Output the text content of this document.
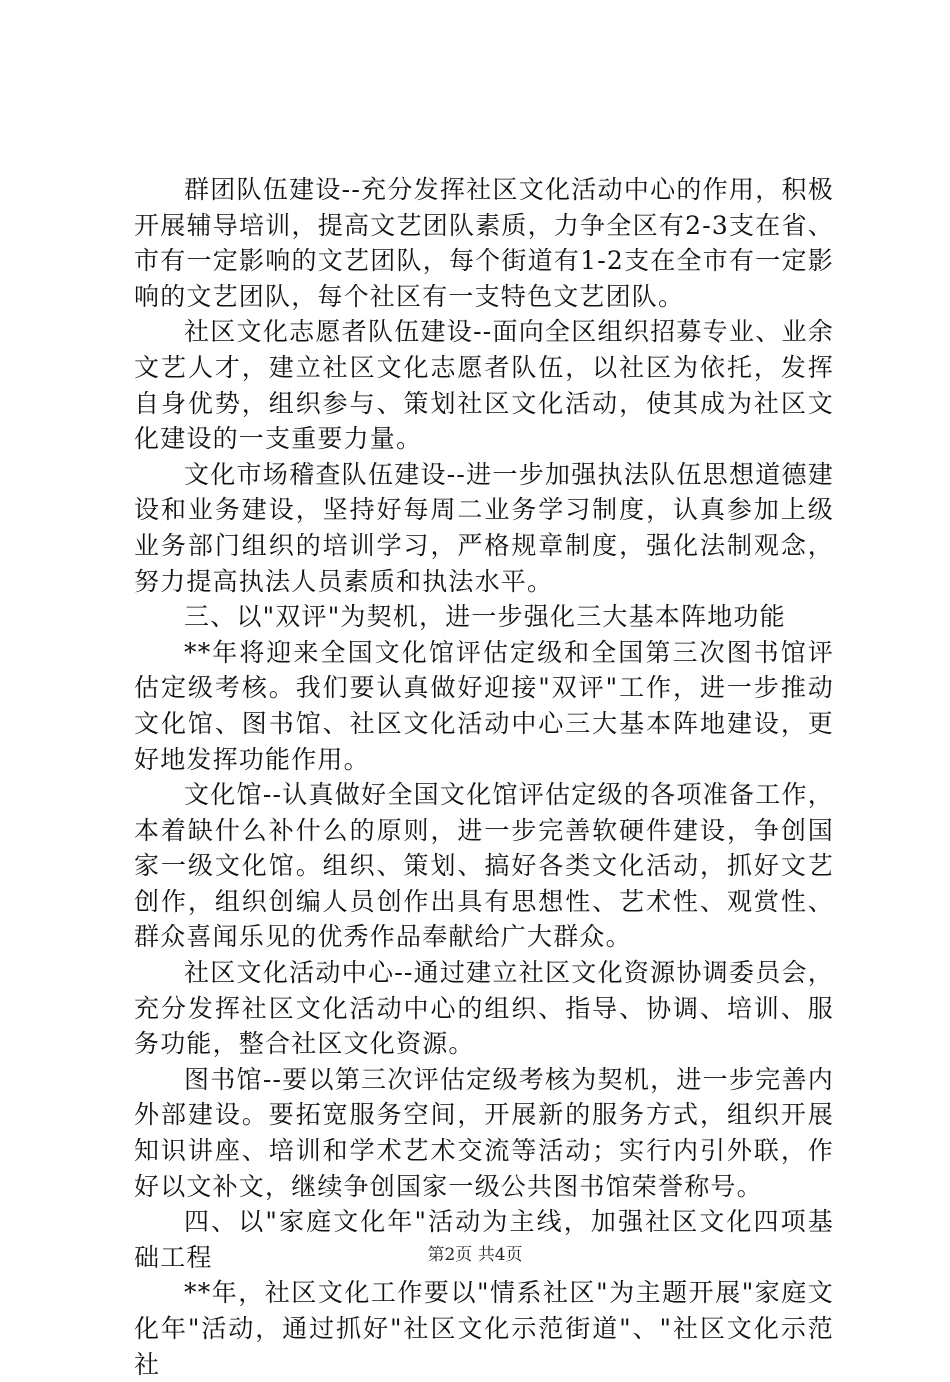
群团队伍建设--充分发挥社区文化活动中心的作用，积极开展辅导培训，提高文艺团队素质，力争全区有2-3支在省、市有一定影响的文艺团队，每个街道有1-2支在全市有一定影响的文艺团队，每个社区有一支特色文艺团队。

社区文化志愿者队伍建设--面向全区组织招募专业、业余文艺人才，建立社区文化志愿者队伍，以社区为依托，发挥自身优势，组织参与、策划社区文化活动，使其成为社区文化建设的一支重要力量。

文化市场稽查队伍建设--进一步加强执法队伍思想道德建设和业务建设，坚持好每周二业务学习制度，认真参加上级业务部门组织的培训学习，严格规章制度，强化法制观念，努力提高执法人员素质和执法水平。

三、以"双评"为契机，进一步强化三大基本阵地功能

**年将迎来全国文化馆评估定级和全国第三次图书馆评估定级考核。我们要认真做好迎接"双评"工作，进一步推动文化馆、图书馆、社区文化活动中心三大基本阵地建设，更好地发挥功能作用。

文化馆--认真做好全国文化馆评估定级的各项准备工作，本着缺什么补什么的原则，进一步完善软硬件建设，争创国家一级文化馆。组织、策划、搞好各类文化活动，抓好文艺创作，组织创编人员创作出具有思想性、艺术性、观赏性、群众喜闻乐见的优秀作品奉献给广大群众。

社区文化活动中心--通过建立社区文化资源协调委员会，充分发挥社区文化活动中心的组织、指导、协调、培训、服务功能，整合社区文化资源。

图书馆--要以第三次评估定级考核为契机，进一步完善内外部建设。要拓宽服务空间，开展新的服务方式，组织开展知识讲座、培训和学术艺术交流等活动；实行内引外联，作好以文补文，继续争创国家一级公共图书馆荣誉称号。

四、以"家庭文化年"活动为主线，加强社区文化四项基础工程

**年，社区文化工作要以"情系社区"为主题开展"家庭文化年"活动，通过抓好"社区文化示范街道"、"社区文化示范社

第2页 共4页
